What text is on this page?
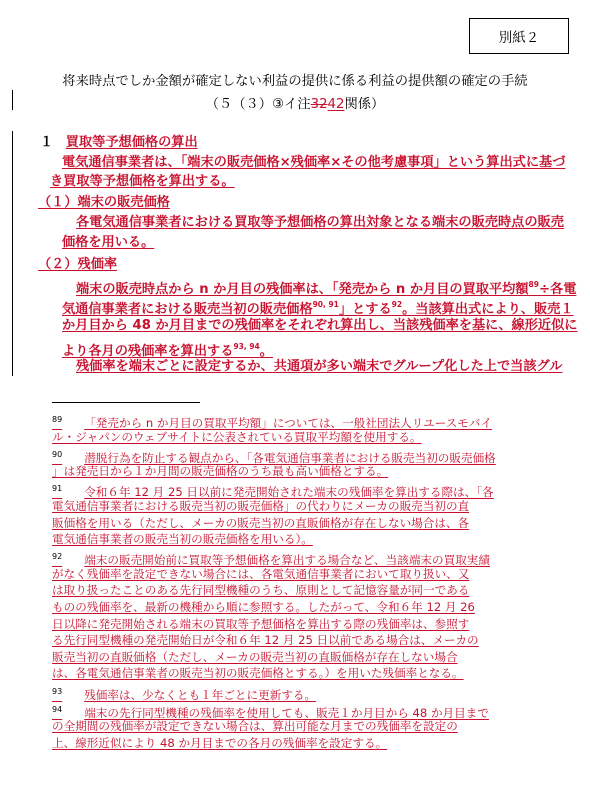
別紙２
将来時点でしか金額が確定しない利益の提供に係る利益の提供額の確定の手続
（５（３）③イ注3242関係）
１ 買取等予想価格の算出
電気通信事業者は、「端末の販売価格×残価率×その他考慮事項」という算出式に基づ
き買取等予想価格を算出する。
（１）端末の販売価格
各電気通信事業者における買取等予想価格の算出対象となる端末の販売時点の販売
価格を用いる。
（２）残価率
端末の販売時点から n か月目の残価率は、「発売から n か月目の買取平均額$^{89}$÷各電
気通信事業者における販売当初の販売価格$^{90, 91}$」とする$^{92}$。当該算出式により、販売１
か月目から 48 か月目までの残価率をそれぞれ算出し、当該残価率を基に、線形近似に
より各月の残価率を算出する$^{93, 94}$。
残価率を端末ごとに設定するか、共通項が多い端末でグループ化した上で当該グル
$^{89}$ 「発売から n か月目の買取平均額」については、一般社団法人リユースモバイ
ル・ジャパンのウェブサイトに公表されている買取平均額を使用する。
$^{90}$ 潜脱行為を防止する観点から、「各電気通信事業者における販売当初の販売価格
」は発売日から１か月間の販売価格のうち最も高い価格とする。
$^{91}$ 令和６年 12 月 25 日以前に発売開始された端末の残価率を算出する際は、「各
電気通信事業者における販売当初の販売価格」の代わりにメーカの販売当初の直
販価格を用いる（ただし、メーカの販売当初の直販価格が存在しない場合は、各
電気通信事業者の販売当初の販売価格を用いる）。
$^{92}$ 端末の販売開始前に買取等予想価格を算出する場合など、当該端末の買取実績
がなく残価率を設定できない場合には、各電気通信事業者において取り扱い、又
は取り扱ったことのある先行同型機種のうち、原則として記憶容量が同一である
ものの残価率を、最新の機種から順に参照する。したがって、令和６年 12 月 26
日以降に発売開始される端末の買取等予想価格を算出する際の残価率は、参照す
る先行同型機種の発売開始日が令和６年 12 月 25 日以前である場合は、メーカの
販売当初の直販価格（ただし、メーカの販売当初の直販価格が存在しない場合
は、各電気通信事業者の販売当初の販売価格とする。）を用いた残価率となる。
$^{93}$ 残価率は、少なくとも１年ごとに更新する。
$^{94}$ 端末の先行同型機種の残価率を使用しても、販売１か月目から 48 か月目まで
の全期間の残価率が設定できない場合は、算出可能な月までの残価率を設定の
上、線形近似により 48 か月目までの各月の残価率を設定する。
